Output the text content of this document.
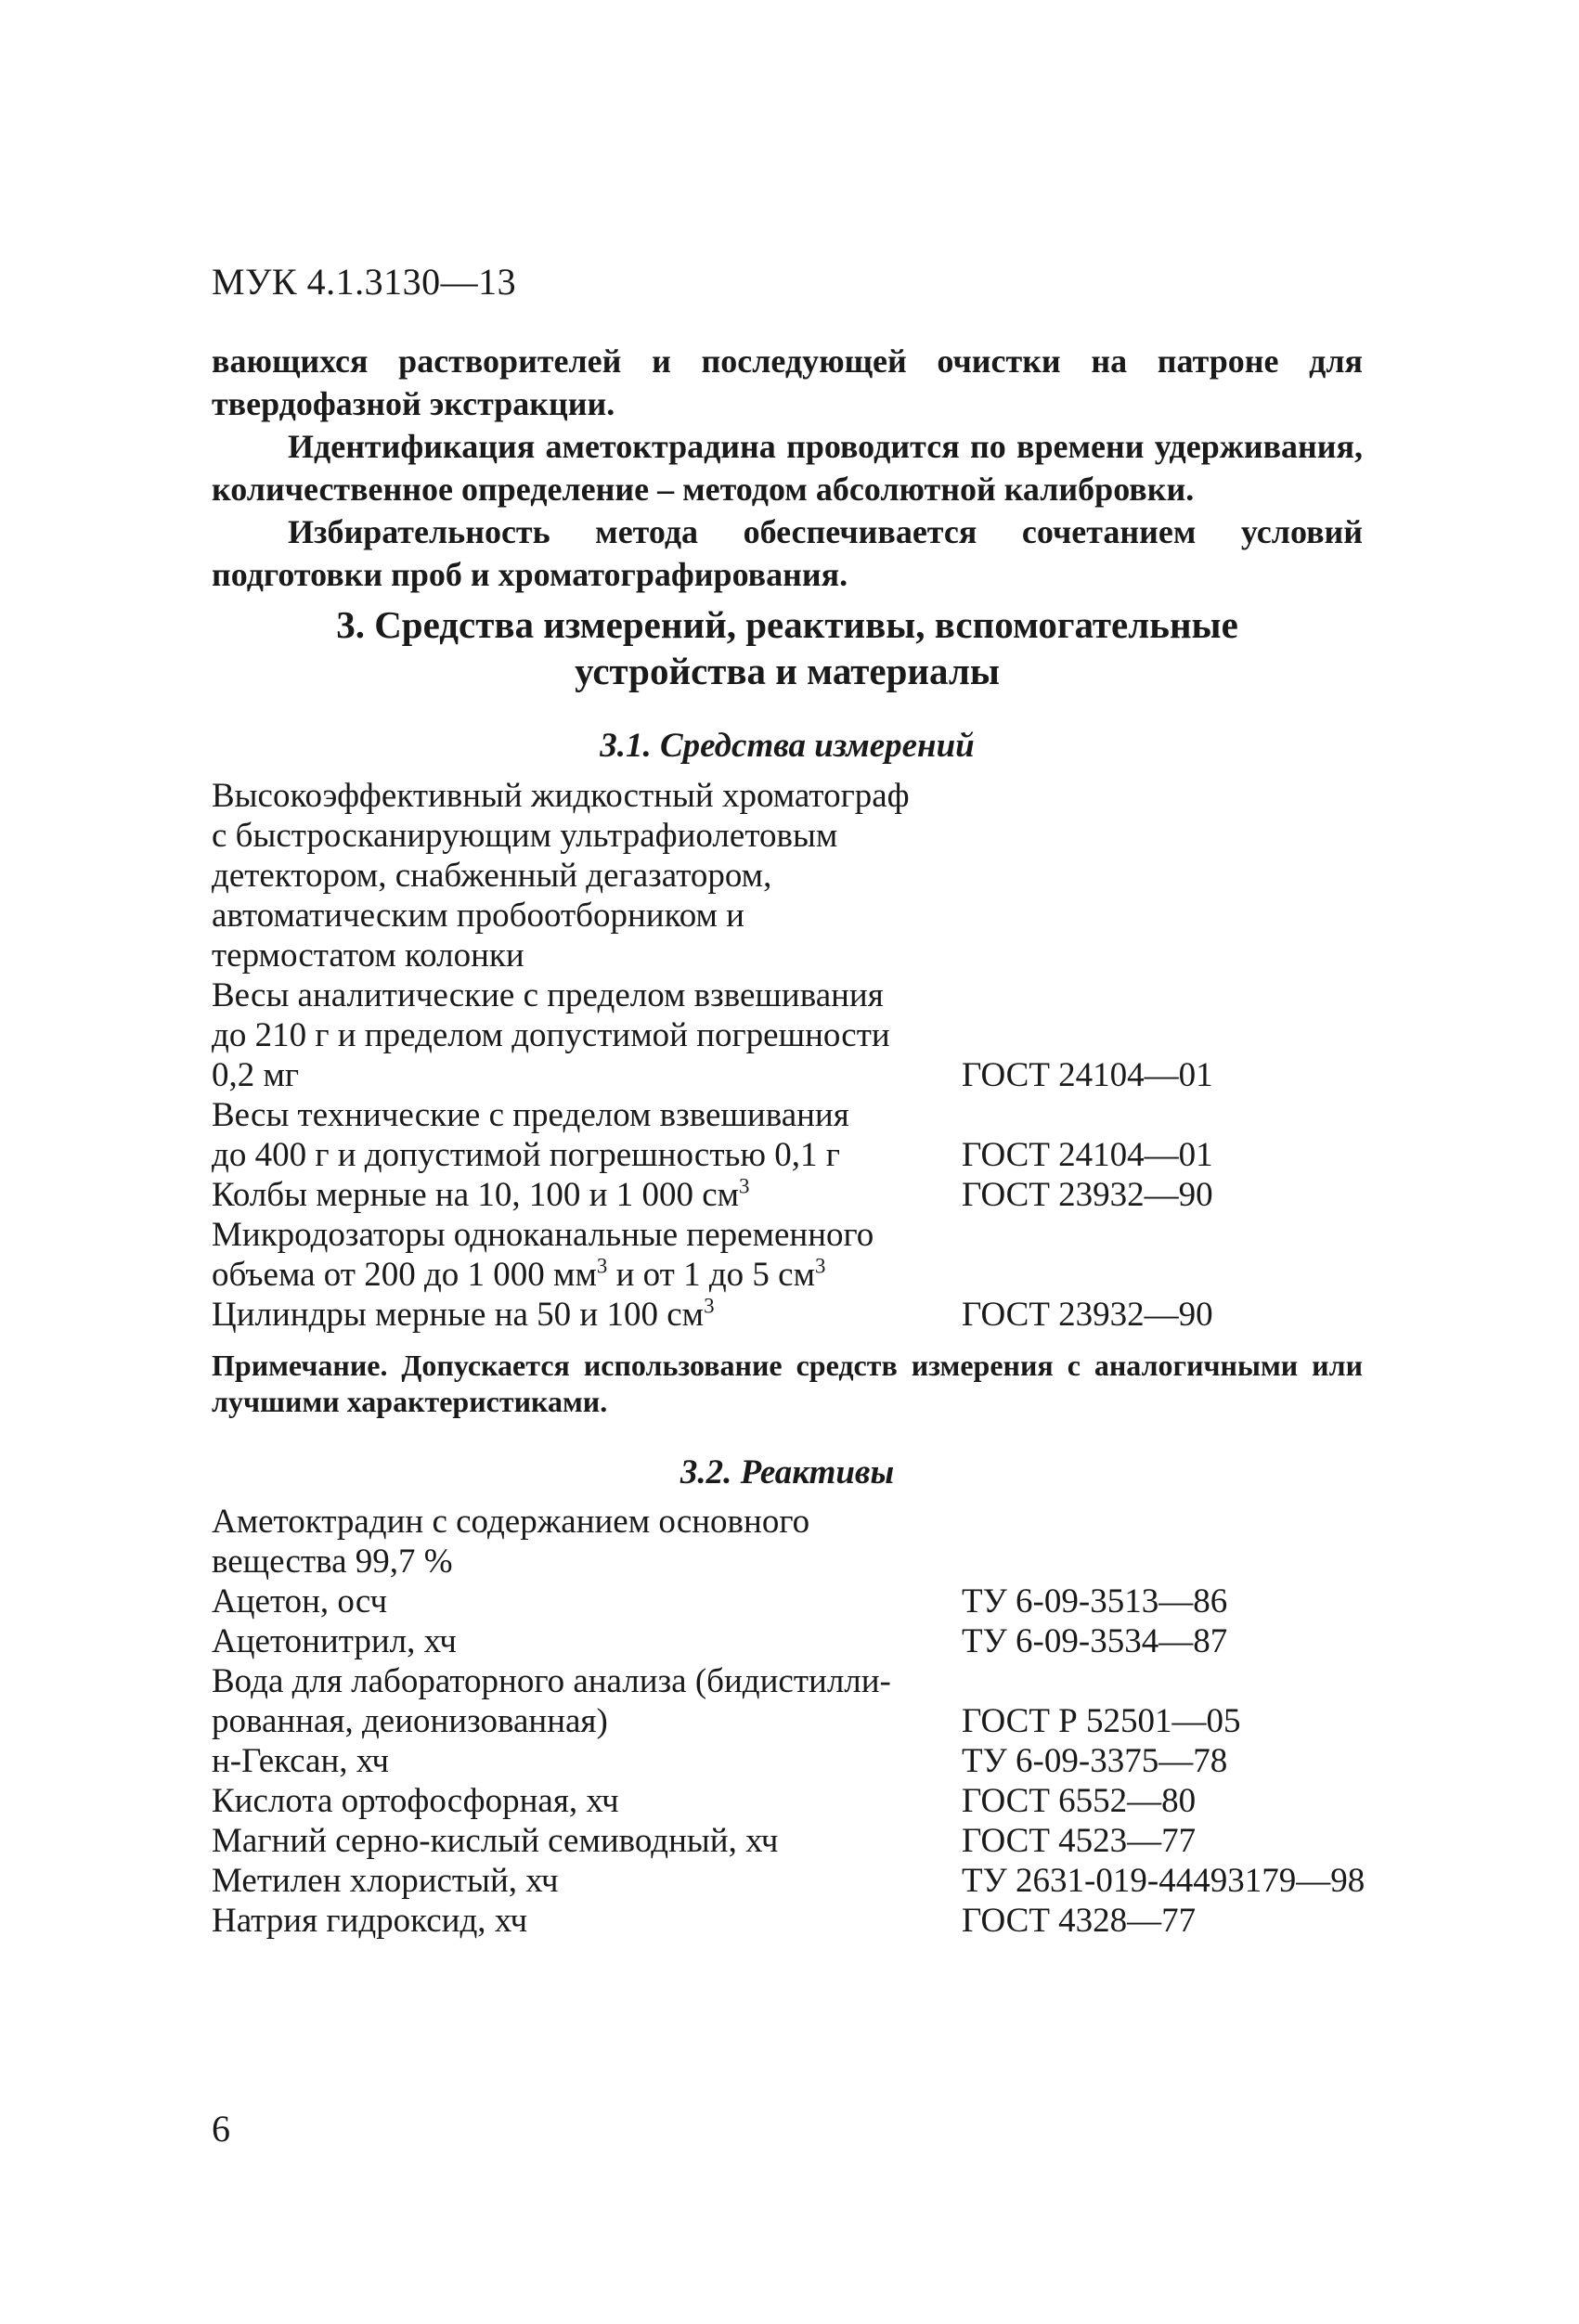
МУК 4.1.3130—13

вающихся растворителей и последующей очистки на патроне для твердофазной экстракции.

Идентификация аметоктрадина проводится по времени удерживания, количественное определение – методом абсолютной калибровки.

Избирательность метода обеспечивается сочетанием условий подготовки проб и хроматографирования.

3. Средства измерений, реактивы, вспомогательные
устройства и материалы
3.1. Средства измерений
Высокоэффективный жидкостный хроматограф
с быстросканирующим ультрафиолетовым
детектором, снабженный дегазатором,
автоматическим пробоотборником и
термостатом колонки
Весы аналитические с пределом взвешивания
до 210 г и пределом допустимой погрешности
0,2 мг	ГОСТ 24104—01
Весы технические с пределом взвешивания
до 400 г и допустимой погрешностью 0,1 г	ГОСТ 24104—01
Колбы мерные на 10, 100 и 1 000 $см^3$	ГОСТ 23932—90
Микродозаторы одноканальные переменного
объема от 200 до 1 000 $мм^3$ и от 1 до 5 $см^3$
Цилиндры мерные на 50 и 100 $см^3$	ГОСТ 23932—90
Примечание. Допускается использование средств измерения с аналогичными или лучшими характеристиками.
3.2. Реактивы
Аметоктрадин с содержанием основного
вещества 99,7 %
Ацетон, осч	ТУ 6-09-3513—86
Ацетонитрил, хч	ТУ 6-09-3534—87
Вода для лабораторного анализа (бидистилли-
рованная, деионизованная)	ГОСТ Р 52501—05
н-Гексан, хч	ТУ 6-09-3375—78
Кислота ортофосфорная, хч	ГОСТ 6552—80
Магний серно-кислый семиводный, хч	ГОСТ 4523—77
Метилен хлористый, хч	ТУ 2631-019-44493179—98
Натрия гидроксид, хч	ГОСТ 4328—77
6
